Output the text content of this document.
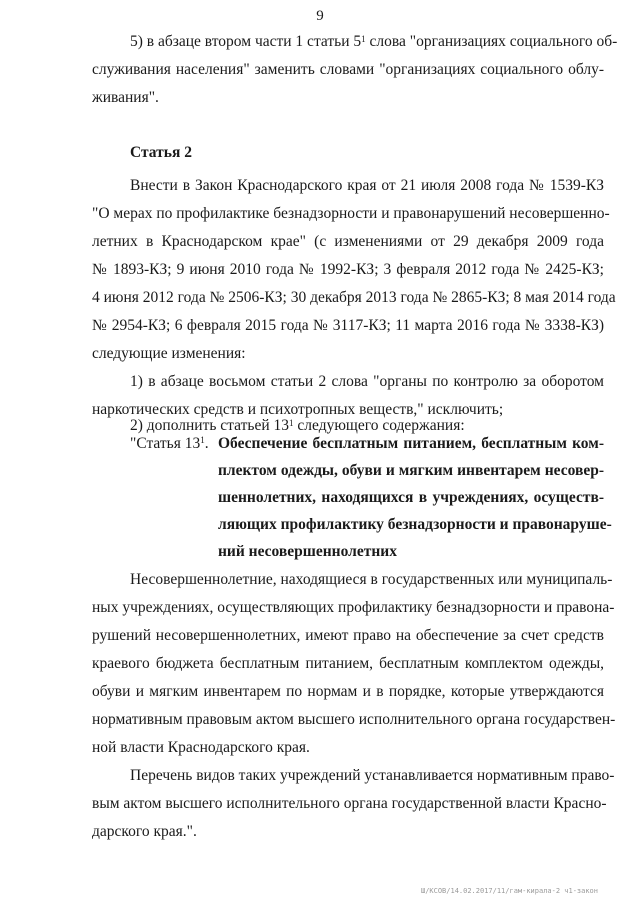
9
5) в абзаце втором части 1 статьи $5^1$ слова "организациях социального об-
служивания населения" заменить словами "организациях социального облу-
живания".
Статья 2
Внести в Закон Краснодарского края от 21 июля 2008 года № 1539-КЗ
"О мерах по профилактике безнадзорности и правонарушений несовершенно-
летних в Краснодарском крае" (с изменениями от 29 декабря 2009 года
№ 1893-КЗ; 9 июня 2010 года № 1992-КЗ; 3 февраля 2012 года № 2425-КЗ;
4 июня 2012 года № 2506-КЗ; 30 декабря 2013 года № 2865-КЗ; 8 мая 2014 года
№ 2954-КЗ; 6 февраля 2015 года № 3117-КЗ; 11 марта 2016 года № 3338-КЗ)
следующие изменения:
1) в абзаце восьмом статьи 2 слова "органы по контролю за оборотом
наркотических средств и психотропных веществ," исключить;
2) дополнить статьей $13^1$ следующего содержания:
"Статья $13^1$. Обеспечение бесплатным питанием, бесплатным ком-
плектом одежды, обуви и мягким инвентарем несовер-
шеннолетних, находящихся в учреждениях, осуществ-
ляющих профилактику безнадзорности и правонаруше-
ний несовершеннолетних
Несовершеннолетние, находящиеся в государственных или муниципаль-
ных учреждениях, осуществляющих профилактику безнадзорности и правона-
рушений несовершеннолетних, имеют право на обеспечение за счет средств
краевого бюджета бесплатным питанием, бесплатным комплектом одежды,
обуви и мягким инвентарем по нормам и в порядке, которые утверждаются
нормативным правовым актом высшего исполнительного органа государствен-
ной власти Краснодарского края.
Перечень видов таких учреждений устанавливается нормативным право-
вым актом высшего исполнительного органа государственной власти Красно-
дарского края.".
Ш/КСОВ/14.02.2017/11/гам-кирала-2 ч1-закон
